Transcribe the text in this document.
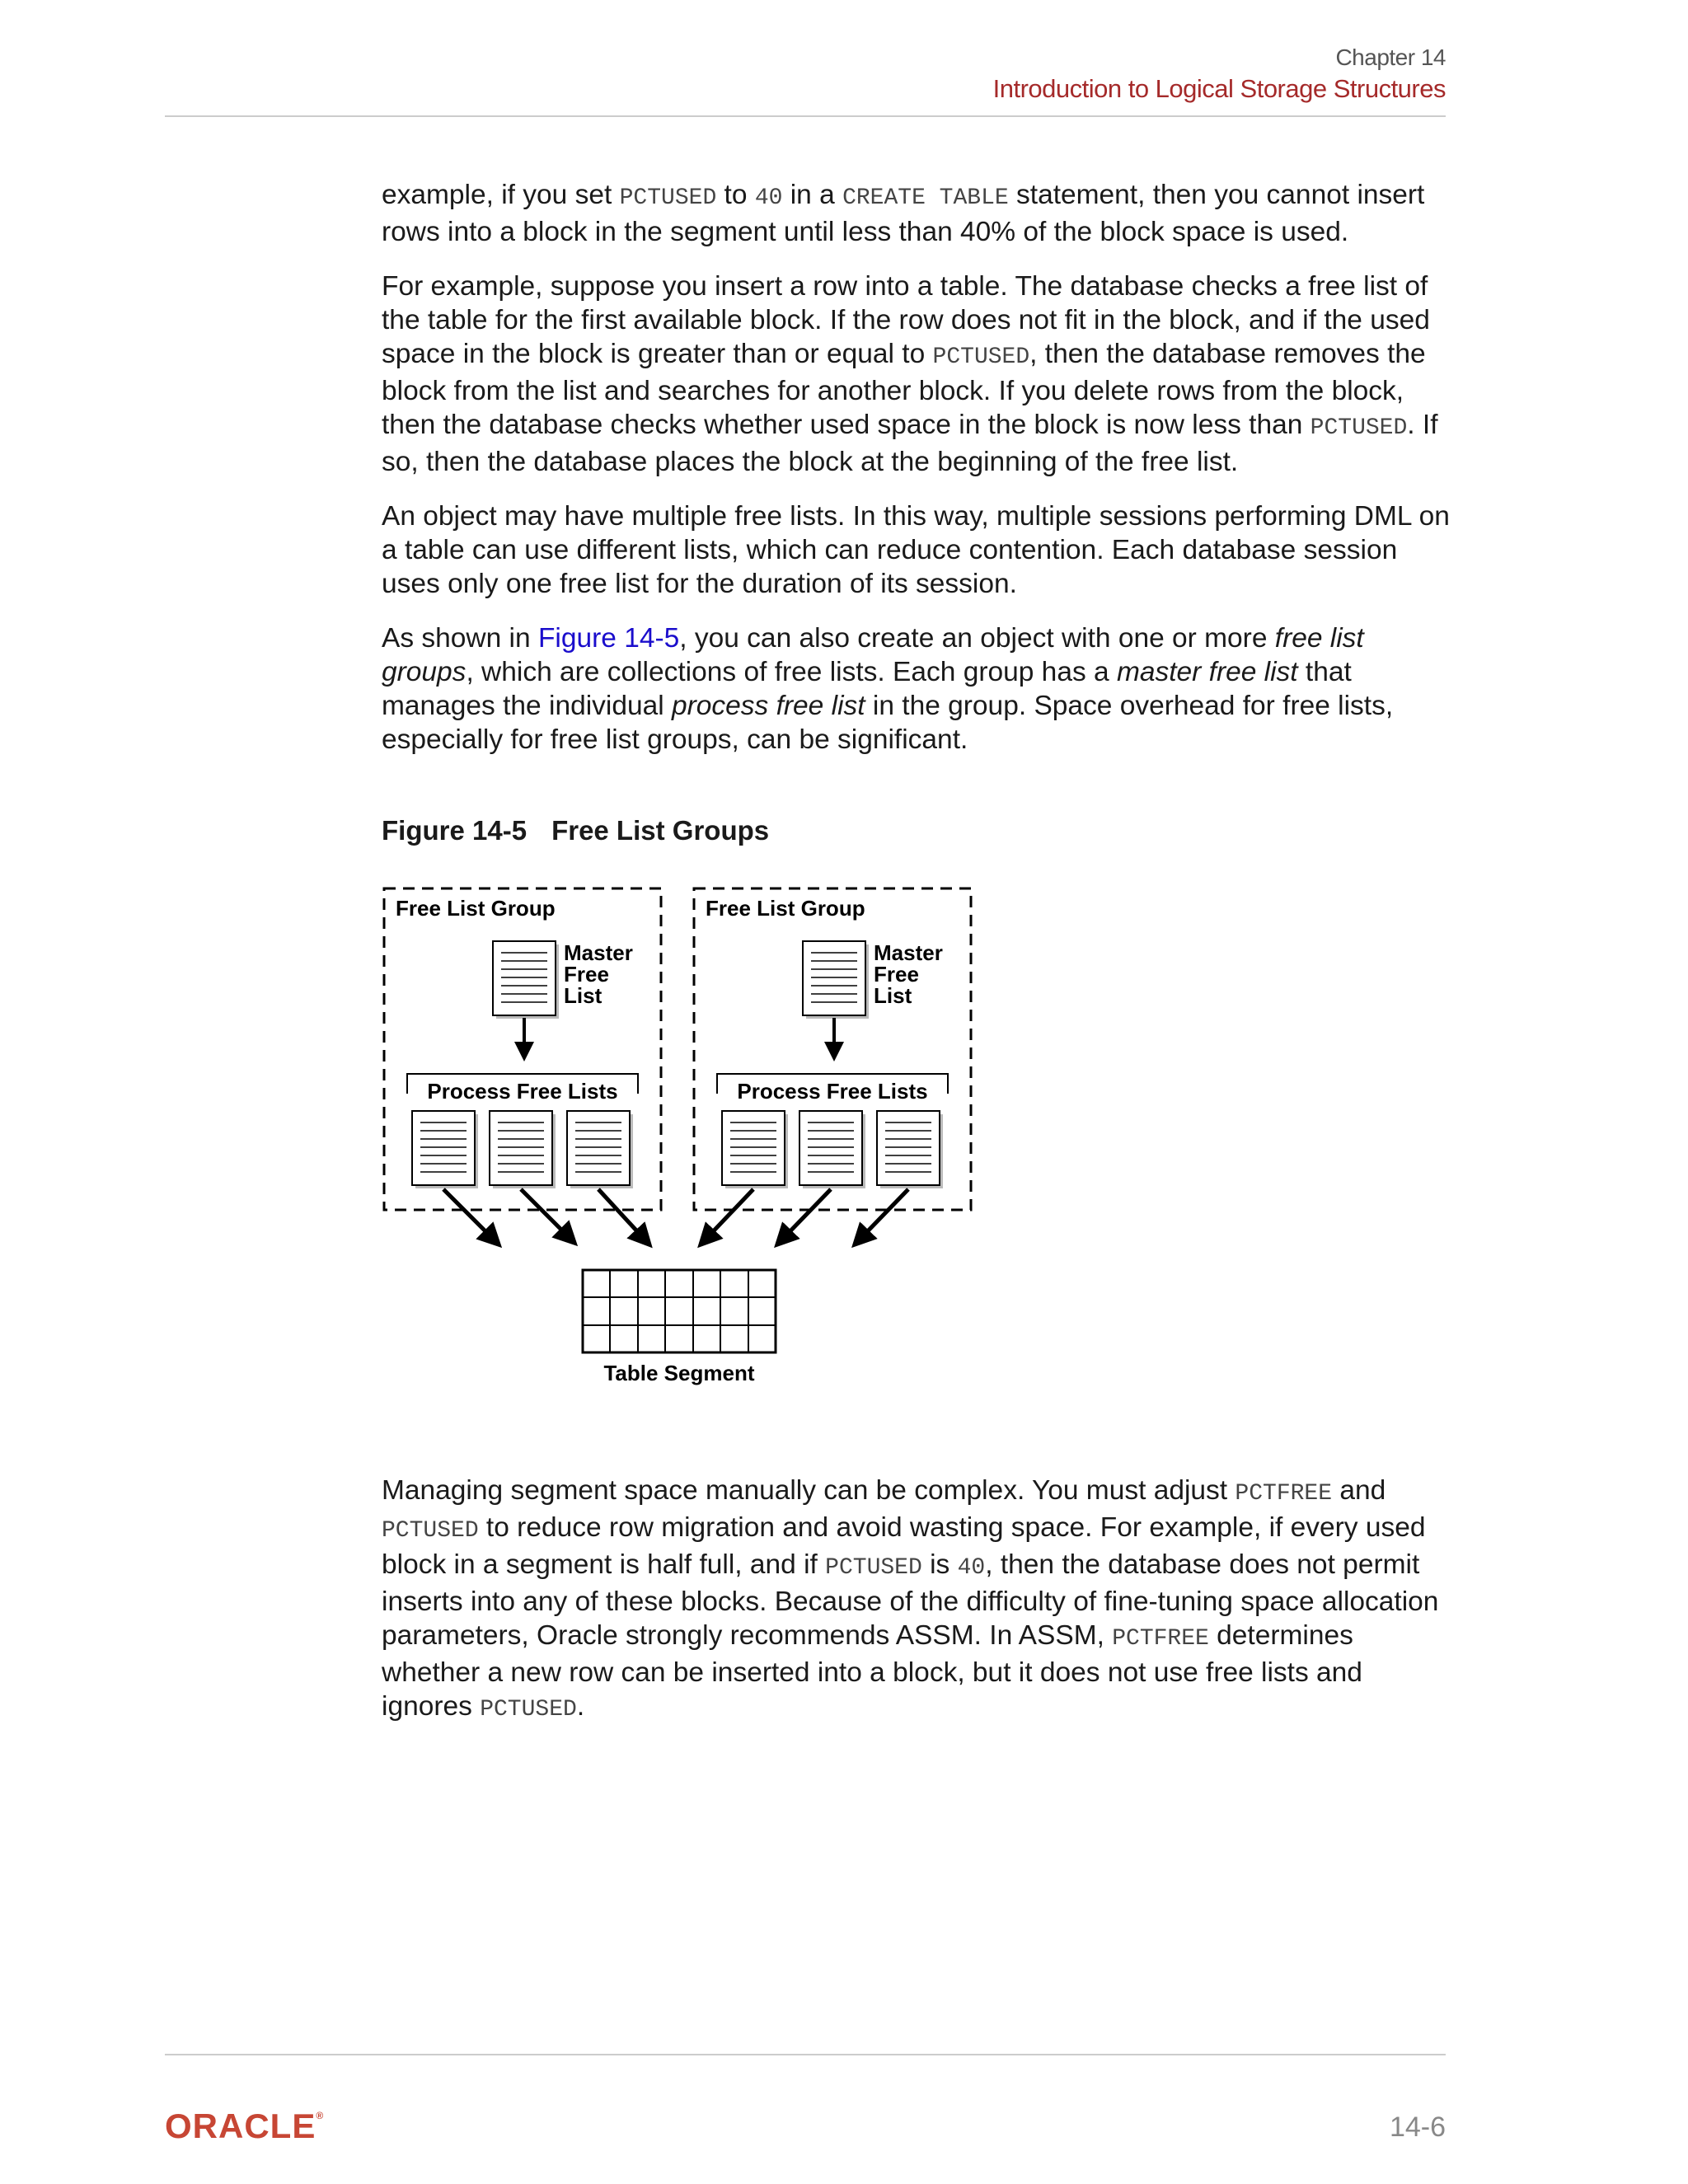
Chapter 14
Introduction to Logical Storage Structures

example, if you set PCTUSED to 40 in a CREATE TABLE statement, then you cannot insert rows into a block in the segment until less than 40% of the block space is used.

For example, suppose you insert a row into a table. The database checks a free list of the table for the first available block. If the row does not fit in the block, and if the used space in the block is greater than or equal to PCTUSED, then the database removes the block from the list and searches for another block. If you delete rows from the block, then the database checks whether used space in the block is now less than PCTUSED. If so, then the database places the block at the beginning of the free list.

An object may have multiple free lists. In this way, multiple sessions performing DML on a table can use different lists, which can reduce contention. Each database session uses only one free list for the duration of its session.

As shown in Figure 14-5, you can also create an object with one or more free list groups, which are collections of free lists. Each group has a master free list that manages the individual process free list in the group. Space overhead for free lists, especially for free list groups, can be significant.

Figure 14-5 Free List Groups

Free List Group
Master
Free
List
Process Free Lists
Free List Group
Master
Free
List
Process Free Lists
Table Segment

Managing segment space manually can be complex. You must adjust PCTFREE and PCTUSED to reduce row migration and avoid wasting space. For example, if every used block in a segment is half full, and if PCTUSED is 40, then the database does not permit inserts into any of these blocks. Because of the difficulty of fine-tuning space allocation parameters, Oracle strongly recommends ASSM. In ASSM, PCTFREE determines whether a new row can be inserted into a block, but it does not use free lists and ignores PCTUSED.

ORACLE®	14-6
